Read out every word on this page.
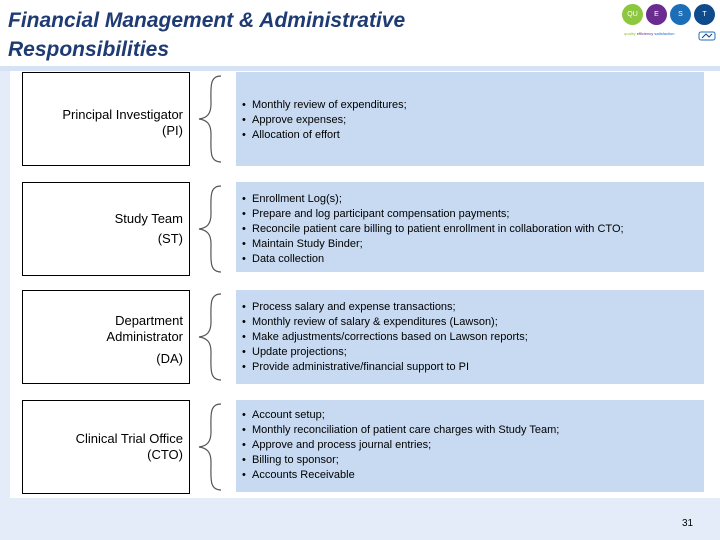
Financial Management & Administrative Responsibilities
QU	E	S	T
quality efficiency satisfaction
Principal Investigator
(PI)
• Monthly review of expenditures;
• Approve expenses;
• Allocation of effort
Study Team
(ST)
• Enrollment Log(s);
• Prepare and log participant compensation payments;
• Reconcile patient care billing to patient enrollment in collaboration with CTO;
• Maintain Study Binder;
• Data collection
Department
Administrator
(DA)
• Process salary and expense transactions;
• Monthly review of salary & expenditures (Lawson);
• Make adjustments/corrections based on Lawson reports;
• Update projections;
• Provide administrative/financial support to PI
Clinical Trial Office
(CTO)
• Account setup;
• Monthly reconciliation of patient care charges with Study Team;
• Approve and process journal entries;
• Billing to sponsor;
• Accounts Receivable
31
